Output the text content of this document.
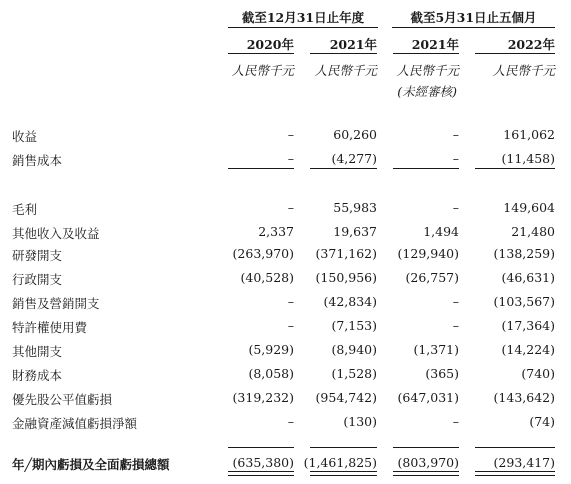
截至12月31日止年度	截至5月31日止五個月
2020年	2021年	2021年	2022年
人民幣千元 人民幣千元 人民幣千元	人民幣千元
(未經審核)
收益	–	60,260	–	161,062
銷售成本	–	(4,277)	–	(11,458)
毛利	–	55,983	–	149,604
其他收入及收益	2,337	19,637	1,494	21,480
研發開支	(263,970) (371,162) (129,940)	(138,259)
行政開支	(40,528) (150,956) (26,757)	(46,631)
銷售及營銷開支	– (42,834)	–	(103,567)
特許權使用費	–	(7,153)	–	(17,364)
其他開支	(5,929)	(8,940)	(1,371)	(14,224)
財務成本	(8,058)	(1,528)	(365)	(740)
優先股公平值虧損	(319,232) (954,742) (647,031)	(143,642)
金融資產減值虧損淨額	–	(130)	–	(74)
年╱期內虧損及全面虧損總額	(635,380) (1,461,825) (803,970)	(293,417)
